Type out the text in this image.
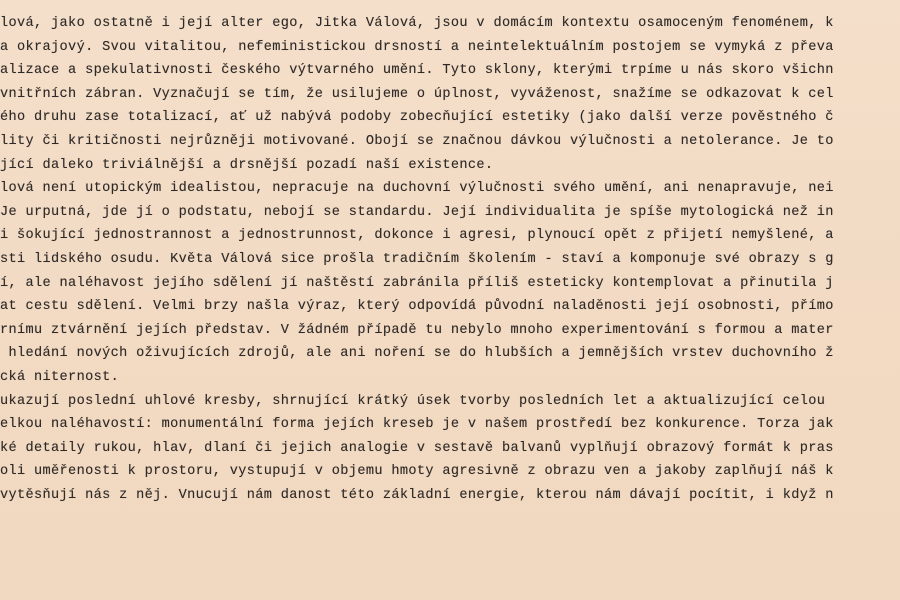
lová, jako ostatně i její alter ego, Jitka Válová, jsou v domácím kontextu osamoceným fenoménem, k
a okrajový. Svou vitalitou, nefeministickou drsností a neintelektuálním postojem se vymyká z převa
alizace a spekulativnosti českého výtvarného umění. Tyto sklony, kterými trpíme u nás skoro všichn
vnitřních zábran. Vyznačují se tím, že usilujeme o úplnost, vyváženost, snažíme se odkazovat k cel
ého druhu zase totalizací, ať už nabývá podoby zobecňující estetiky (jako další verze pověstného č
lity či kritičnosti nejrůzněji motivované. Obojí se značnou dávkou výlučnosti a netolerance. Je to
jící daleko triviálnější a drsnější pozadí naší existence.
lová není utopickým idealistou, nepracuje na duchovní výlučnosti svého umění, ani nenapravuje, nei
Je urputná, jde jí o podstatu, nebojí se standardu. Její individualita je spíše mytologická než in
i šokující jednostrannost a jednostrunnost, dokonce i agresi, plynoucí opět z přijetí nemyšlené, a
sti lidského osudu. Květa Válová sice prošla tradičním školením - staví a komponuje své obrazy s g
í, ale naléhavost jejího sdělení jí naštěstí zabránila příliš esteticky kontemplovat a přinutila j
at cestu sdělení. Velmi brzy našla výraz, který odpovídá původní naladěnosti její osobnosti, přímo
rnímu ztvárnění jejích představ. V žádném případě tu nebylo mnoho experimentování s formou a mater
hledání nových oživujících zdrojů, ale ani noření se do hlubších a jemnějších vrstev duchovního ž
cká niternost.
ukazují poslední uhlové kresby, shrnující krátký úsek tvorby posledních let a aktualizující celou
elkou naléhavostí: monumentální forma jejích kreseb je v našem prostředí bez konkurence. Torza jak
ké detaily rukou, hlav, dlaní či jejich analogie v sestavě balvanů vyplňují obrazový formát k pras
oli uměřenosti k prostoru, vystupují v objemu hmoty agresivně z obrazu ven a jakoby zaplňují náš k
vytěsňují nás z něj. Vnucují nám danost této základní energie, kterou nám dávají pocítit, i když n
